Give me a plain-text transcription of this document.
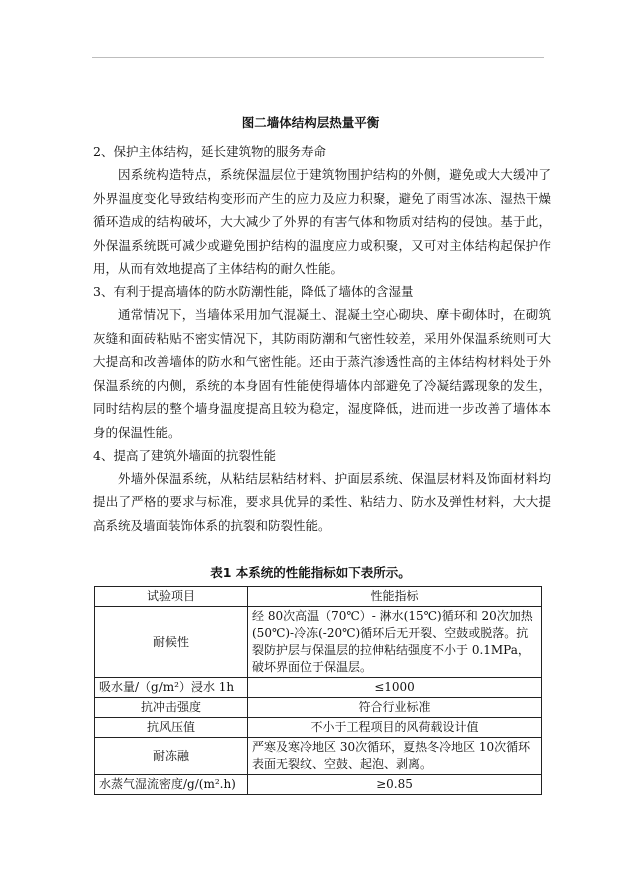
图二墙体结构层热量平衡

2、保护主体结构，延长建筑物的服务寿命

因系统构造特点，系统保温层位于建筑物围护结构的外侧，避免或大大缓冲了外界温度变化导致结构变形而产生的应力及应力积聚，避免了雨雪冰冻、湿热干燥循环造成的结构破坏，大大减少了外界的有害气体和物质对结构的侵蚀。基于此，外保温系统既可减少或避免围护结构的温度应力或积聚，又可对主体结构起保护作用，从而有效地提高了主体结构的耐久性能。

3、有利于提高墙体的防水防潮性能，降低了墙体的含湿量

通常情况下，当墙体采用加气混凝土、混凝土空心砌块、摩卡砌体时，在砌筑灰缝和面砖粘贴不密实情况下，其防雨防潮和气密性较差，采用外保温系统则可大大提高和改善墙体的防水和气密性能。还由于蒸汽渗透性高的主体结构材料处于外保温系统的内侧，系统的本身固有性能使得墙体内部避免了冷凝结露现象的发生，同时结构层的整个墙身温度提高且较为稳定，湿度降低，进而进一步改善了墙体本身的保温性能。

4、提高了建筑外墙面的抗裂性能

外墙外保温系统，从粘结层粘结材料、护面层系统、保温层材料及饰面材料均提出了严格的要求与标准，要求具优异的柔性、粘结力、防水及弹性材料，大大提高系统及墙面装饰体系的抗裂和防裂性能。

表1 本系统的性能指标如下表所示。
试验项目	性能指标
耐候性	经 80次高温（70℃）- 淋水(15℃)循环和 20次加热(50℃)-冷冻(-20℃)循环后无开裂、空鼓或脱落。抗裂防护层与保温层的拉伸粘结强度不小于 0.1MPa，破坏界面位于保温层。
吸水量/（g/m²）浸水 1h	≤1000
抗冲击强度	符合行业标准
抗风压值	不小于工程项目的风荷载设计值
耐冻融	严寒及寒冷地区 30次循环，夏热冬冷地区 10次循环表面无裂纹、空鼓、起泡、剥离。
水蒸气湿流密度/g/(m².h)	≥0.85
